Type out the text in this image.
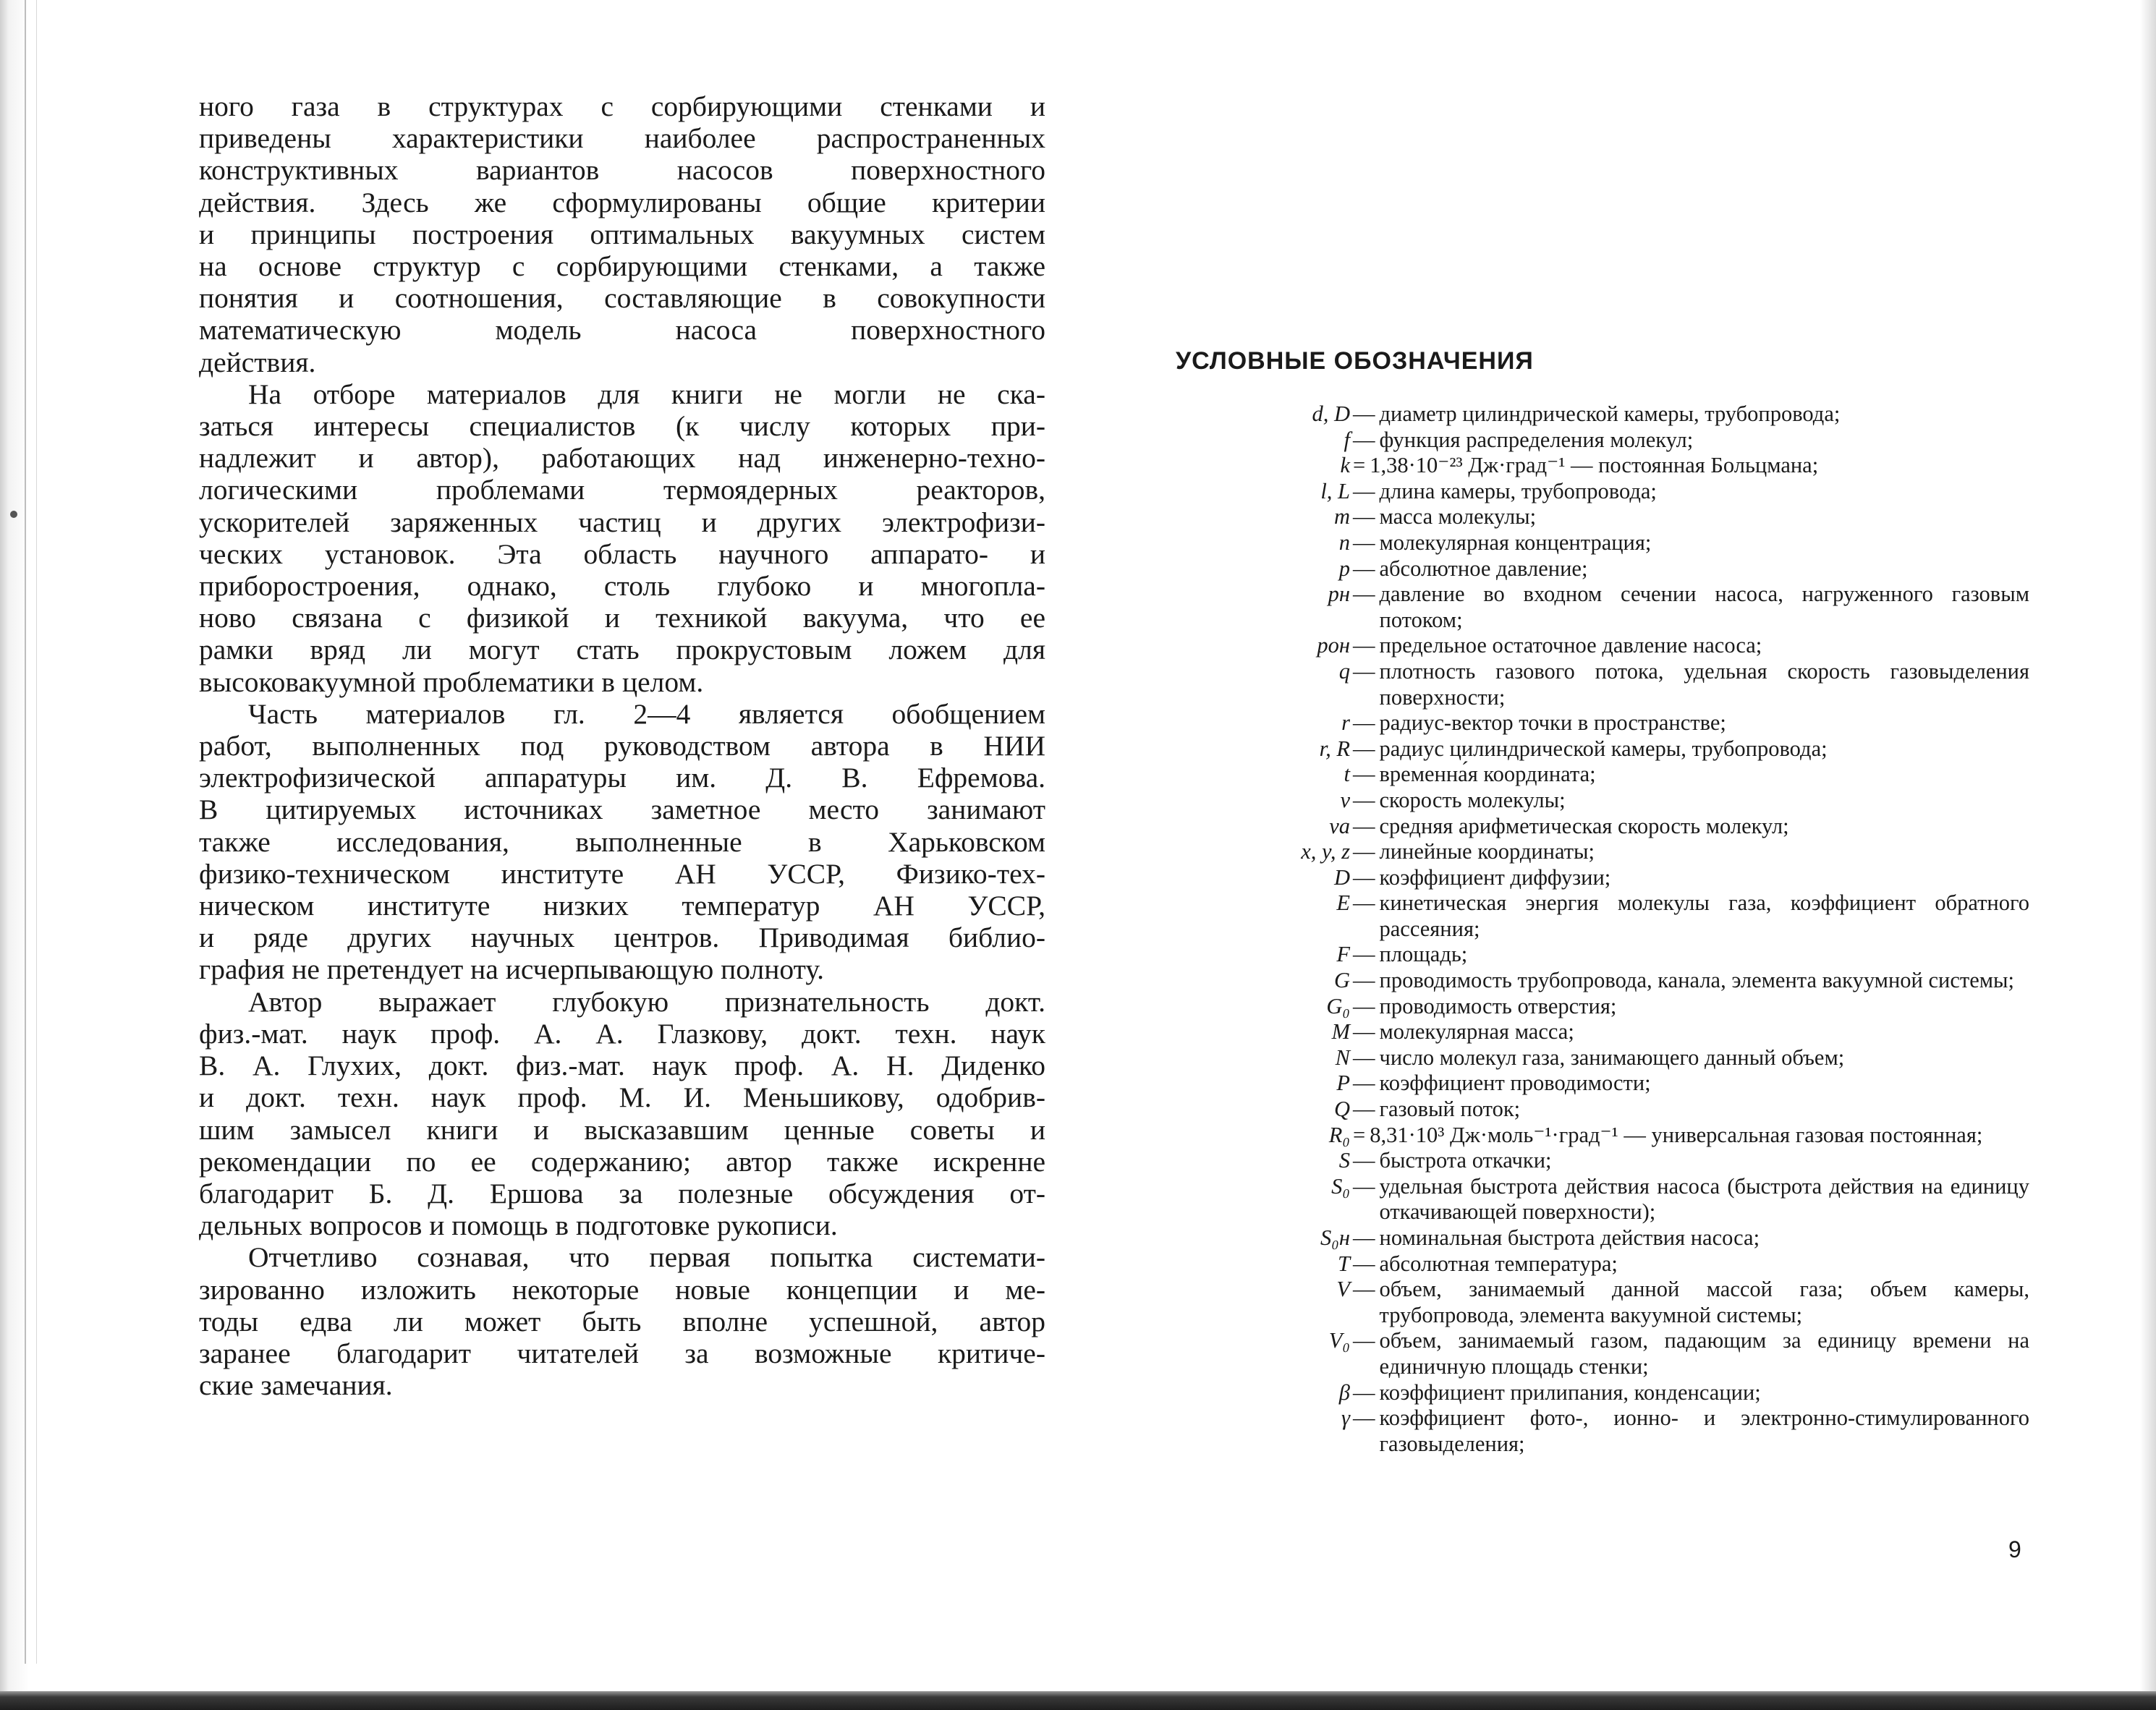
ного газа в структурах с сорбирующими стенками и
приведены характеристики наиболее распространенных
конструктивных вариантов насосов поверхностного
действия. Здесь же сформулированы общие критерии
и принципы построения оптимальных вакуумных систем
на основе структур с сорбирующими стенками, а также
понятия и соотношения, составляющие в совокупности
математическую модель насоса поверхностного
действия.

На отборе материалов для книги не могли не ска-
заться интересы специалистов (к числу которых при-
надлежит и автор), работающих над инженерно-техно-
логическими проблемами термоядерных реакторов,
ускорителей заряженных частиц и других электрофизи-
ческих установок. Эта область научного аппарато- и
приборостроения, однако, столь глубоко и многопла-
ново связана с физикой и техникой вакуума, что ее
рамки вряд ли могут стать прокрустовым ложем для
высоковакуумной проблематики в целом.

Часть материалов гл. 2—4 является обобщением
работ, выполненных под руководством автора в НИИ
электрофизической аппаратуры им. Д. В. Ефремова.
В цитируемых источниках заметное место занимают
также исследования, выполненные в Харьковском
физико-техническом институте АН УССР, Физико-тех-
ническом институте низких температур АН УССР,
и ряде других научных центров. Приводимая библио-
графия не претендует на исчерпывающую полноту.

Автор выражает глубокую признательность докт.
физ.-мат. наук проф. А. А. Глазкову, докт. техн. наук
В. А. Глухих, докт. физ.-мат. наук проф. А. Н. Диденко
и докт. техн. наук проф. М. И. Меньшикову, одобрив-
шим замысел книги и высказавшим ценные советы и
рекомендации по ее содержанию; автор также искренне
благодарит Б. Д. Ершова за полезные обсуждения от-
дельных вопросов и помощь в подготовке рукописи.

Отчетливо сознавая, что первая попытка системати-
зированно изложить некоторые новые концепции и ме-
тоды едва ли может быть вполне успешной, автор
заранее благодарит читателей за возможные критиче-
ские замечания.

УСЛОВНЫЕ ОБОЗНАЧЕНИЯ
d, D — диаметр цилиндрической камеры, трубопровода;
f — функция распределения молекул;
k = 1,38·10⁻²³ Дж·град⁻¹ — постоянная Больцмана;
l, L — длина камеры, трубопровода;
m — масса молекулы;
n — молекулярная концентрация;
p — абсолютное давление;
pн — давление во входном сечении насоса, нагруженного газовым потоком;
pон — предельное остаточное давление насоса;
q — плотность газового потока, удельная скорость газовыделения поверхности;
r — радиус-вектор точки в пространстве;
r, R — радиус цилиндрической камеры, трубопровода;
t — временна́я координата;
v — скорость молекулы;
vа — средняя арифметическая скорость молекул;
x, y, z — линейные координаты;
D — коэффициент диффузии;
E — кинетическая энергия молекулы газа, коэффициент обратного рассеяния;
F — площадь;
G — проводимость трубопровода, канала, элемента вакуумной системы;
G₀ — проводимость отверстия;
M — молекулярная масса;
N — число молекул газа, занимающего данный объем;
P — коэффициент проводимости;
Q — газовый поток;
R₀ = 8,31·10³ Дж·моль⁻¹·град⁻¹ — универсальная газовая постоянная;
S — быстрота откачки;
S₀ — удельная быстрота действия насоса (быстрота действия на единицу откачивающей поверхности);
S₀н — номинальная быстрота действия насоса;
T — абсолютная температура;
V — объем, занимаемый данной массой газа; объем камеры, трубопровода, элемента вакуумной системы;
V₀ — объем, занимаемый газом, падающим за единицу времени на единичную площадь стенки;
β — коэффициент прилипания, конденсации;
γ — коэффициент фото-, ионно- и электронно-стимулированного газовыделения;
9
